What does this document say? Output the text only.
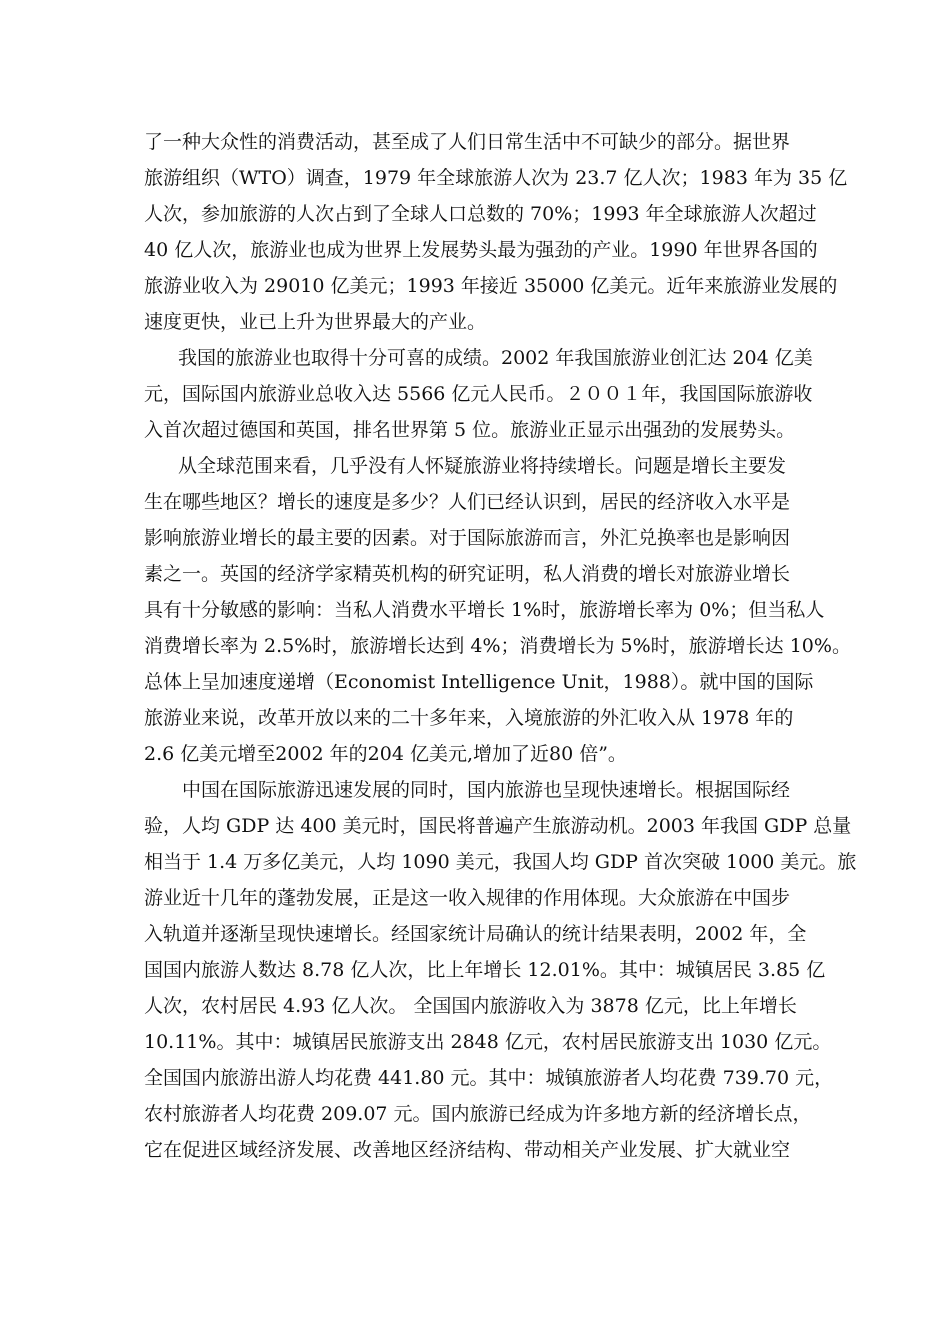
了一种大众性的消费活动，甚至成了人们日常生活中不可缺少的部分。据世界
旅游组织（WTO）调查，1979 年全球旅游人次为 23.7 亿人次；1983 年为 35 亿
人次，参加旅游的人次占到了全球人口总数的 70%；1993 年全球旅游人次超过
40 亿人次，旅游业也成为世界上发展势头最为强劲的产业。1990 年世界各国的
旅游业收入为 29010 亿美元；1993 年接近 35000 亿美元。近年来旅游业发展的
速度更快，业已上升为世界最大的产业。
我国的旅游业也取得十分可喜的成绩。2002 年我国旅游业创汇达 204 亿美
元，国际国内旅游业总收入达 5566 亿元人民币。２００１年，我国国际旅游收
入首次超过德国和英国，排名世界第 5 位。旅游业正显示出强劲的发展势头。
从全球范围来看，几乎没有人怀疑旅游业将持续增长。问题是增长主要发
生在哪些地区？增长的速度是多少？人们已经认识到，居民的经济收入水平是
影响旅游业增长的最主要的因素。对于国际旅游而言，外汇兑换率也是影响因
素之一。英国的经济学家精英机构的研究证明，私人消费的增长对旅游业增长
具有十分敏感的影响：当私人消费水平增长 1%时，旅游增长率为 0%；但当私人
消费增长率为 2.5%时，旅游增长达到 4%；消费增长为 5%时，旅游增长达 10%。
总体上呈加速度递增（Economist Intelligence Unit，1988）。就中国的国际
旅游业来说，改革开放以来的二十多年来，入境旅游的外汇收入从 1978 年的
2.6 亿美元增至2002 年的204 亿美元,增加了近80 倍”。
中国在国际旅游迅速发展的同时，国内旅游也呈现快速增长。根据国际经
验，人均 GDP 达 400 美元时，国民将普遍产生旅游动机。2003 年我国 GDP 总量
相当于 1.4 万多亿美元，人均 1090 美元，我国人均 GDP 首次突破 1000 美元。旅
游业近十几年的蓬勃发展，正是这一收入规律的作用体现。大众旅游在中国步
入轨道并逐渐呈现快速增长。经国家统计局确认的统计结果表明，2002 年，全
国国内旅游人数达 8.78 亿人次，比上年增长 12.01%。其中：城镇居民 3.85 亿
人次，农村居民 4.93 亿人次。 全国国内旅游收入为 3878 亿元，比上年增长
10.11%。其中：城镇居民旅游支出 2848 亿元，农村居民旅游支出 1030 亿元。
全国国内旅游出游人均花费 441.80 元。其中：城镇旅游者人均花费 739.70 元，
农村旅游者人均花费 209.07 元。国内旅游已经成为许多地方新的经济增长点，
它在促进区域经济发展、改善地区经济结构、带动相关产业发展、扩大就业空
